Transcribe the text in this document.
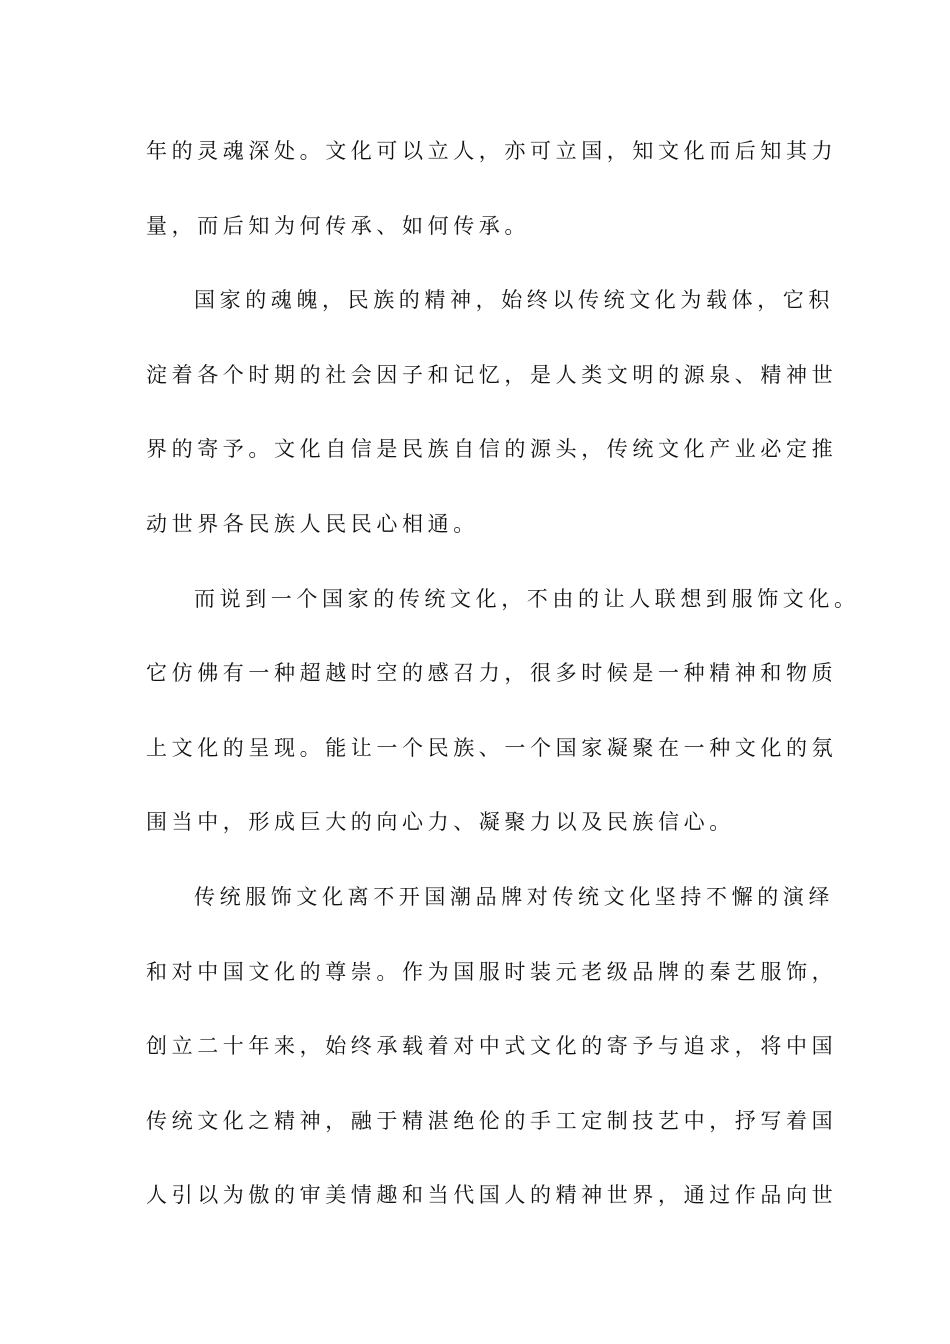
年的灵魂深处。文化可以立人，亦可立国，知文化而后知其力
量，而后知为何传承、如何传承。
国家的魂魄，民族的精神，始终以传统文化为载体，它积
淀着各个时期的社会因子和记忆，是人类文明的源泉、精神世
界的寄予。文化自信是民族自信的源头，传统文化产业必定推
动世界各民族人民民心相通。
而说到一个国家的传统文化，不由的让人联想到服饰文化。
它仿佛有一种超越时空的感召力，很多时候是一种精神和物质
上文化的呈现。能让一个民族、一个国家凝聚在一种文化的氛
围当中，形成巨大的向心力、凝聚力以及民族信心。
传统服饰文化离不开国潮品牌对传统文化坚持不懈的演绎
和对中国文化的尊崇。作为国服时装元老级品牌的秦艺服饰，
创立二十年来，始终承载着对中式文化的寄予与追求，将中国
传统文化之精神，融于精湛绝伦的手工定制技艺中，抒写着国
人引以为傲的审美情趣和当代国人的精神世界，通过作品向世
